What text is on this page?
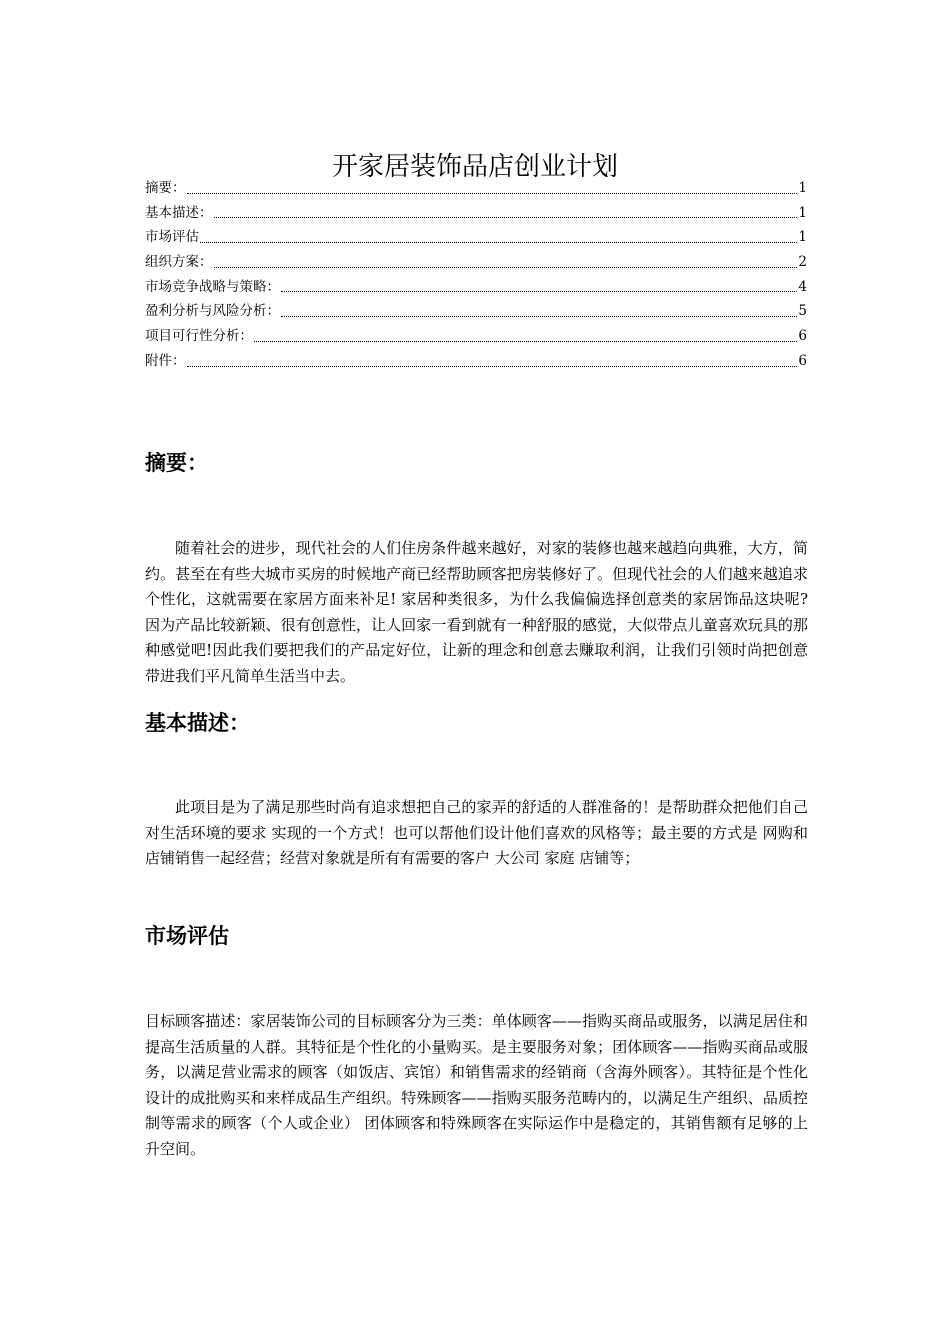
开家居装饰品店创业计划
摘要：	1
基本描述：	1
市场评估	1
组织方案：	2
市场竞争战略与策略：	4
盈利分析与风险分析：	5
项目可行性分析：	6
附件：	6
摘要：

随着社会的进步，现代社会的人们住房条件越来越好，对家的装修也越来越趋向典雅，大方，简约。甚至在有些大城市买房的时候地产商已经帮助顾客把房装修好了。但现代社会的人们越来越追求个性化，这就需要在家居方面来补足! 家居种类很多，为什么我偏偏选择创意类的家居饰品这块呢?因为产品比较新颖、很有创意性，让人回家一看到就有一种舒服的感觉，大似带点儿童喜欢玩具的那种感觉吧!因此我们要把我们的产品定好位，让新的理念和创意去赚取利润，让我们引领时尚把创意带进我们平凡简单生活当中去。

基本描述：

此项目是为了满足那些时尚有追求想把自己的家弄的舒适的人群准备的！是帮助群众把他们自己对生活环境的要求 实现的一个方式！也可以帮他们设计他们喜欢的风格等；最主要的方式是 网购和店铺销售一起经营；经营对象就是所有有需要的客户 大公司 家庭 店铺等；

市场评估

目标顾客描述：家居装饰公司的目标顾客分为三类：单体顾客——指购买商品或服务，以满足居住和提高生活质量的人群。其特征是个性化的小量购买。是主要服务对象；团体顾客——指购买商品或服务，以满足营业需求的顾客（如饭店、宾馆）和销售需求的经销商（含海外顾客）。其特征是个性化设计的成批购买和来样成品生产组织。特殊顾客——指购买服务范畴内的，以满足生产组织、品质控制等需求的顾客（个人或企业） 团体顾客和特殊顾客在实际运作中是稳定的，其销售额有足够的上升空间。
